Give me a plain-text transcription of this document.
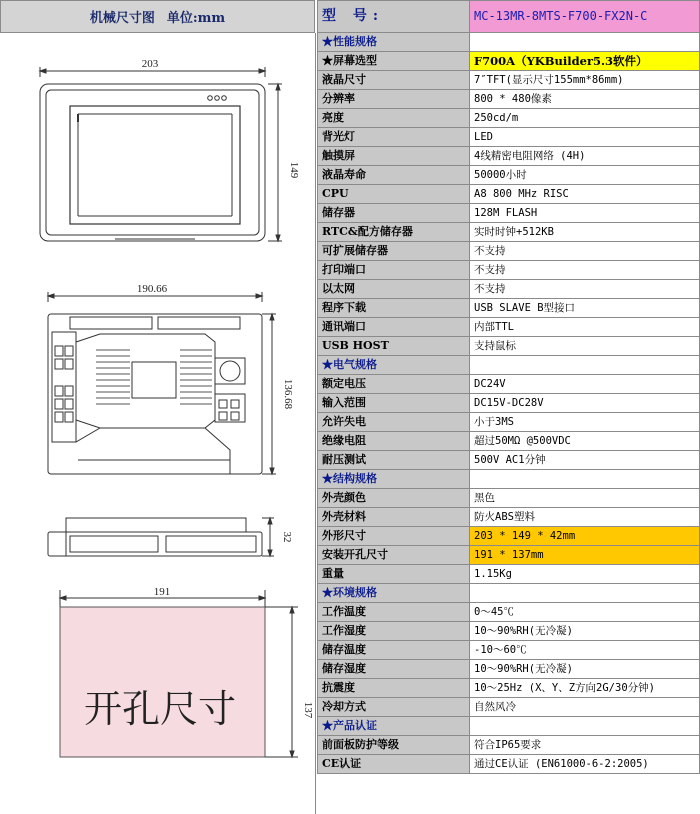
机械尺寸图 单位:mm
203
149
190.66
136.68
32
191
137
开孔尺寸
型 号:	MC-13MR-8MTS-F700-FX2N-C
★性能规格	
★屏幕选型	F700A（YKBuilder5.3软件）
液晶尺寸	7″TFT(显示尺寸155mm*86mm)
分辨率	800 * 480像素
亮度	250cd/m
背光灯	LED
触摸屏	4线精密电阻网络 (4H)
液晶寿命	50000小时
CPU	A8 800 MHz RISC
储存器	128M FLASH
RTC&配方储存器	实时时钟+512KB
可扩展储存器	不支持
打印端口	不支持
以太网	不支持
程序下载	USB SLAVE B型接口
通讯端口	内部TTL
USB HOST	支持鼠标
★电气规格	
额定电压	DC24V
输入范围	DC15V-DC28V
允许失电	小于3MS
绝缘电阻	超过50MΩ @500VDC
耐压测试	500V AC1分钟
★结构规格	
外壳颜色	黑色
外壳材料	防火ABS塑料
外形尺寸	203 * 149 * 42mm
安装开孔尺寸	191 * 137mm
重量	1.15Kg
★环境规格	
工作温度	0～45℃
工作湿度	10～90%RH(无冷凝)
储存温度	-10～60℃
储存湿度	10～90%RH(无冷凝)
抗震度	10～25Hz (X、Y、Z方向2G/30分钟)
冷却方式	自然风冷
★产品认证	
前面板防护等级	符合IP65要求
CE认证	通过CE认证 (EN61000-6-2:2005)
